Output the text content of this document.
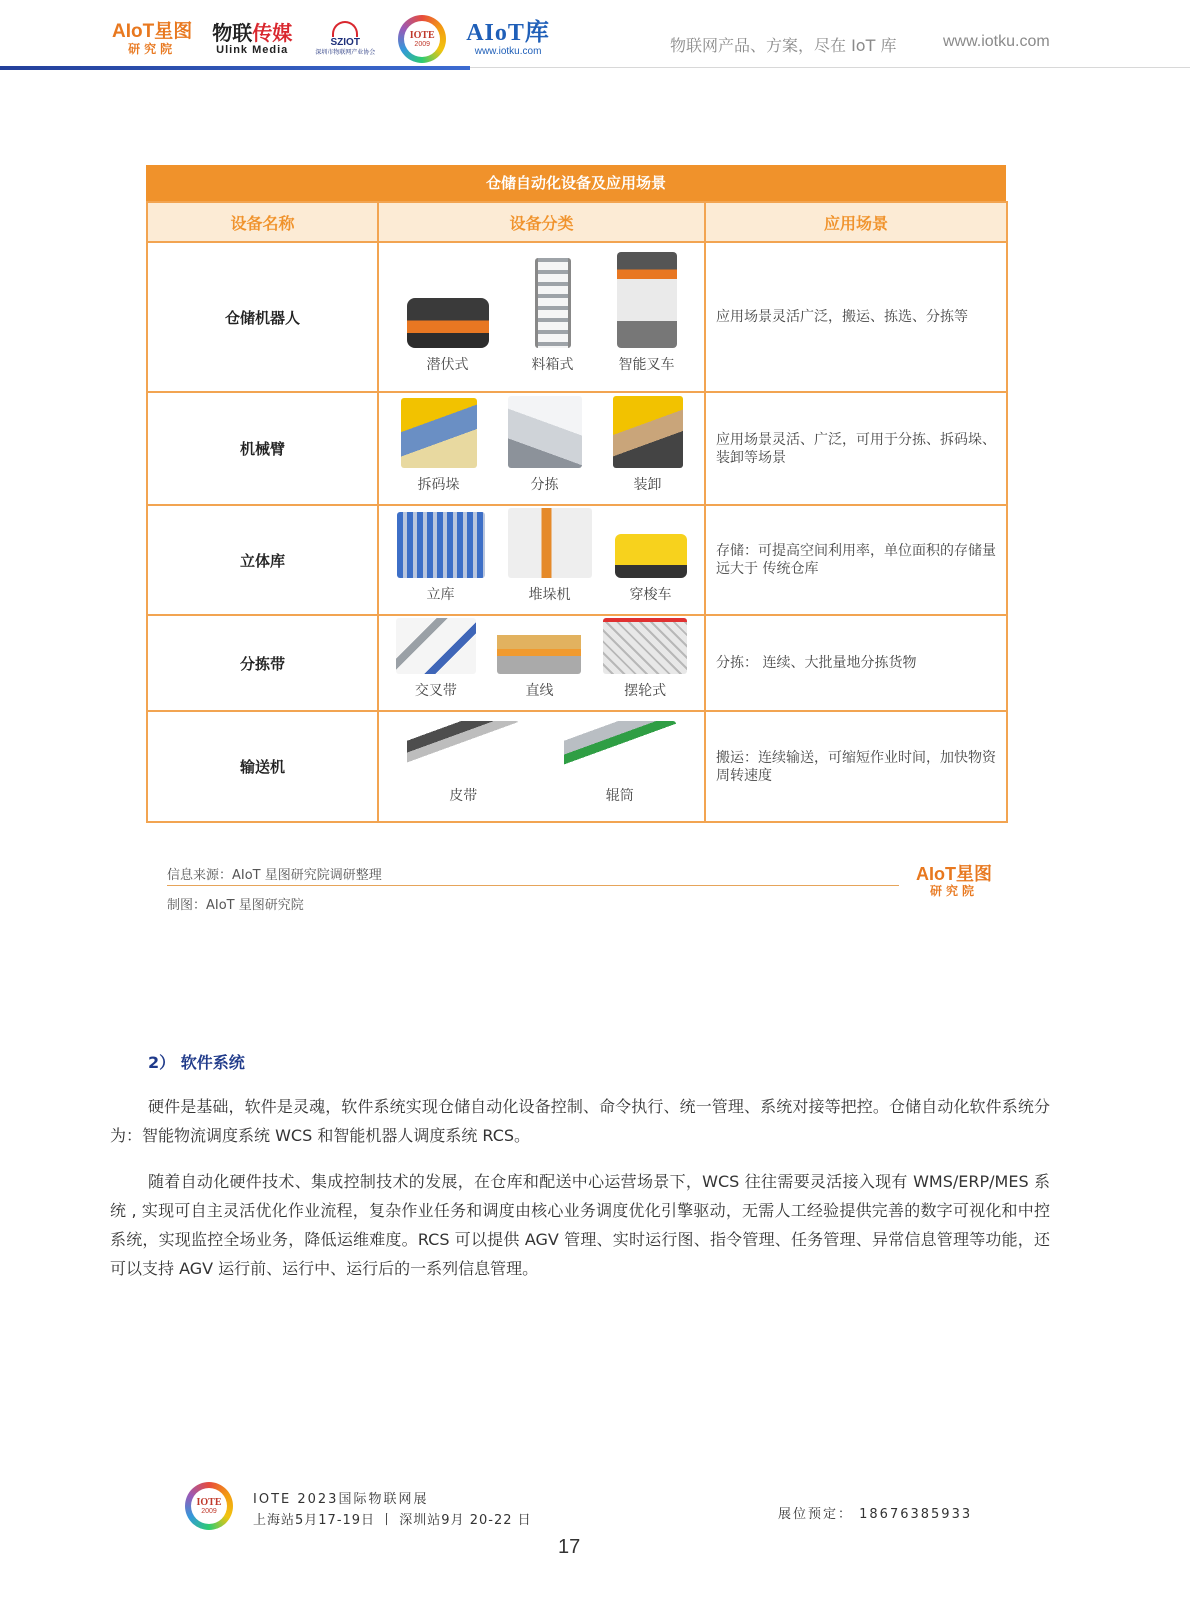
AIoT星图
研究院
物联传媒
Ulink Media
SZIOT
深圳市物联网产业协会
IOTE
2009 AIoT库
www.iotku.com	物联网产品、方案，尽在 IoT 库	www.iotku.com
仓储自动化设备及应用场景
设备名称	设备分类	应用场景
仓储机器人	潜伏式 料箱式 智能叉车	应用场景灵活广泛，搬运、拣选、分拣等
机械臂	拆码垛 分拣 装卸	应用场景灵活、广泛，可用于分拣、拆码垛、 装卸等场景
立体库	立库 堆垛机 穿梭车	存储：可提高空间利用率，单位面积的存储量远大于 传统仓库
分拣带	交叉带 直线 摆轮式	分拣： 连续、大批量地分拣货物
输送机	皮带 辊筒	搬运：连续输送，可缩短作业时间，加快物资周转速度
信息来源：AIoT 星图研究院调研整理
制图：AIoT 星图研究院
AIoT星图
研究院
2） 软件系统

硬件是基础，软件是灵魂，软件系统实现仓储自动化设备控制、命令执行、统一管理、系统对接等把控。仓储自动化软件系统分为：智能物流调度系统 WCS 和智能机器人调度系统 RCS。

随着自动化硬件技术、集成控制技术的发展，在仓库和配送中心运营场景下，WCS 往往需要灵活接入现有 WMS/ERP/MES 系统 , 实现可自主灵活优化作业流程，复杂作业任务和调度由核心业务调度优化引擎驱动，无需人工经验提供完善的数字可视化和中控系统，实现监控全场业务，降低运维难度。RCS 可以提供 AGV 管理、实时运行图、指令管理、任务管理、异常信息管理等功能，还可以支持 AGV 运行前、运行中、运行后的一系列信息管理。

IOTE
2009
IOTE 2023国际物联网展
上海站5月17-19日 丨 深圳站9月 20-22 日	展位预定： 18676385933
17
